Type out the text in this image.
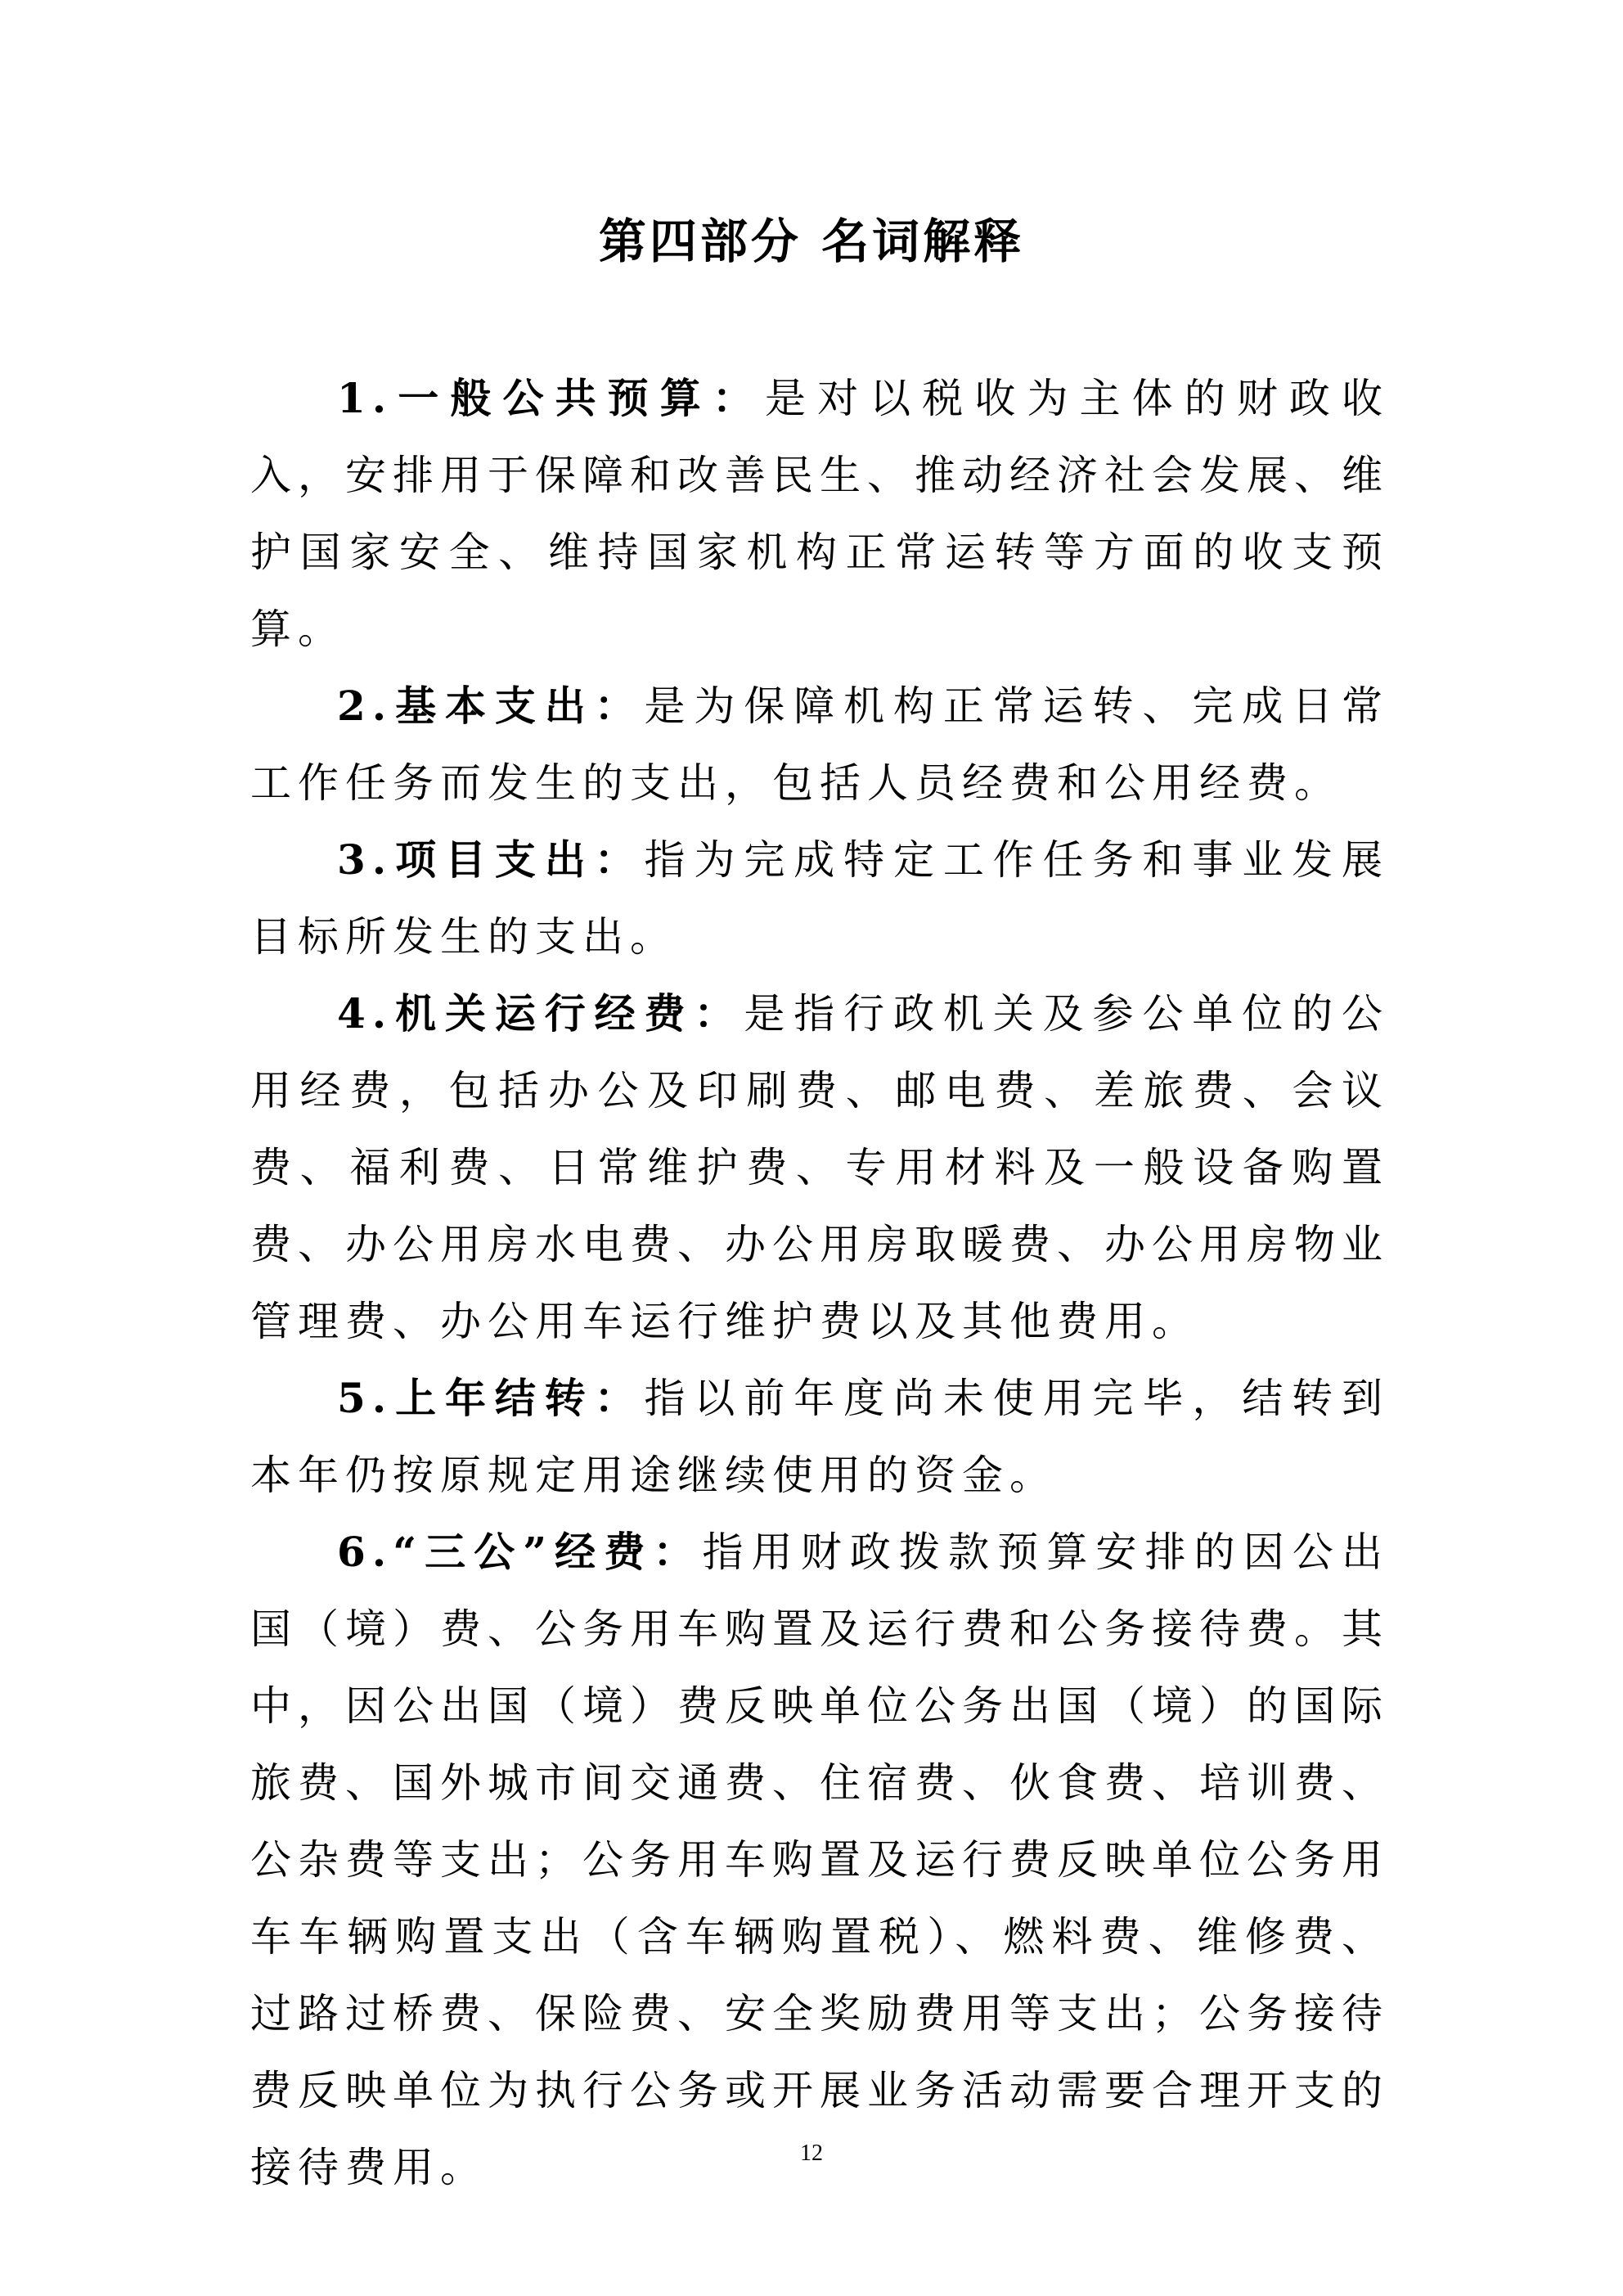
第四部分 名词解释

1.一般公共预算：是对以税收为主体的财政收入，安排用于保障和改善民生、推动经济社会发展、维护国家安全、维持国家机构正常运转等方面的收支预算。

2.基本支出：是为保障机构正常运转、完成日常工作任务而发生的支出，包括人员经费和公用经费。

3.项目支出：指为完成特定工作任务和事业发展目标所发生的支出。

4.机关运行经费：是指行政机关及参公单位的公用经费，包括办公及印刷费、邮电费、差旅费、会议费、福利费、日常维护费、专用材料及一般设备购置费、办公用房水电费、办公用房取暖费、办公用房物业管理费、办公用车运行维护费以及其他费用。

5.上年结转：指以前年度尚未使用完毕，结转到本年仍按原规定用途继续使用的资金。

6.“三公”经费：指用财政拨款预算安排的因公出国（境）费、公务用车购置及运行费和公务接待费。其中，因公出国（境）费反映单位公务出国（境）的国际旅费、国外城市间交通费、住宿费、伙食费、培训费、公杂费等支出；公务用车购置及运行费反映单位公务用车车辆购置支出（含车辆购置税）、燃料费、维修费、过路过桥费、保险费、安全奖励费用等支出；公务接待费反映单位为执行公务或开展业务活动需要合理开支的接待费用。	12
